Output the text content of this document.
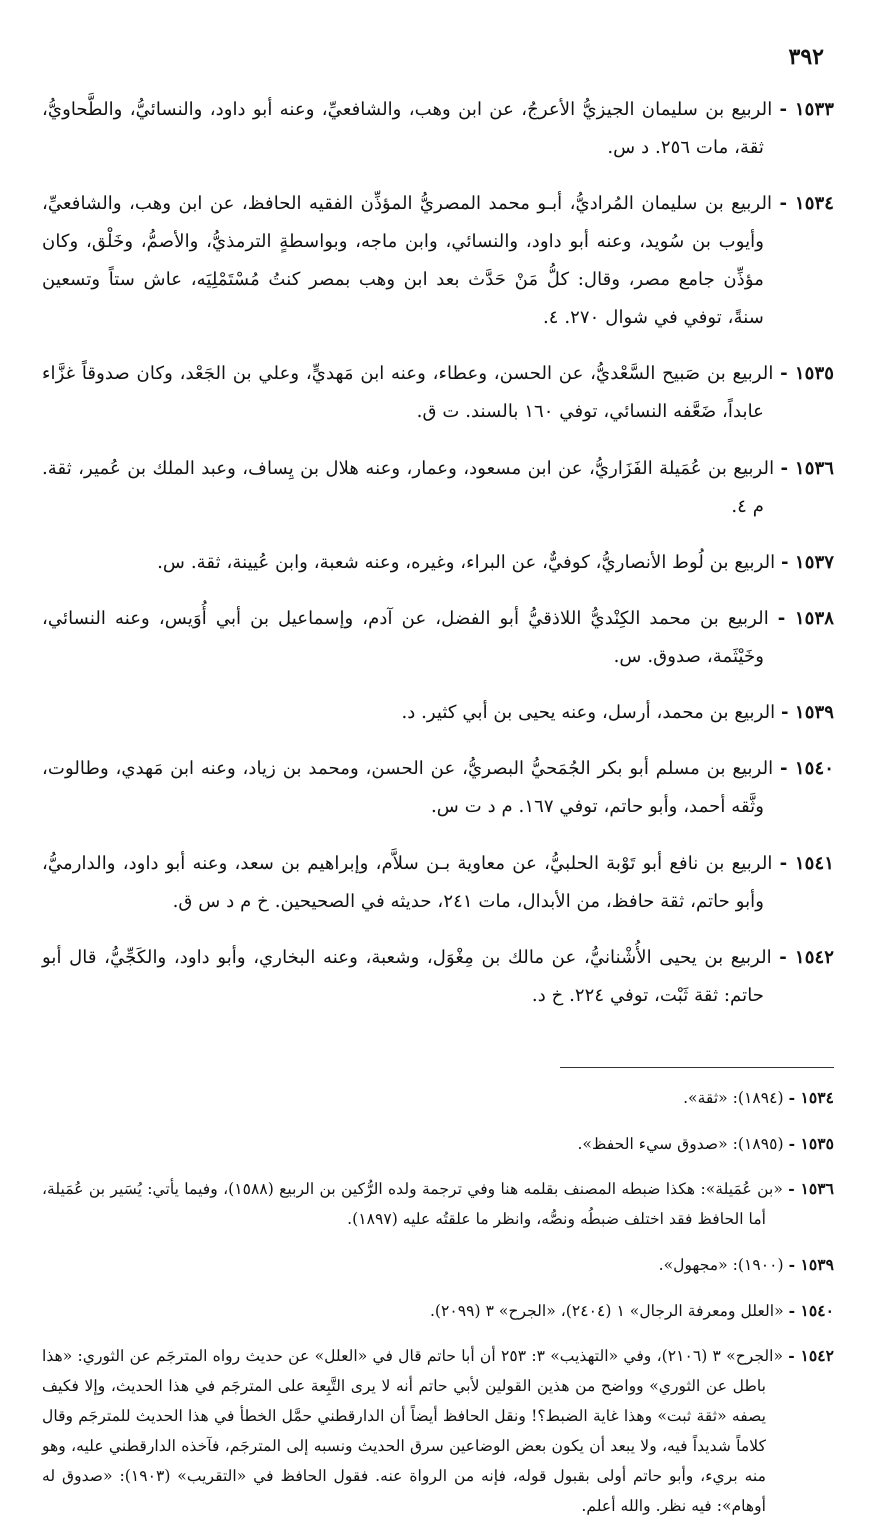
٣٩٢

١٥٣٣ - الربيع بن سليمان الجيزيُّ الأعرجُ، عن ابن وهب، والشافعيِّ، وعنه أبو داود، والنسائيُّ، والطَّحاويُّ، ثقة، مات ٢٥٦. د س.

١٥٣٤ - الربيع بن سليمان المُراديُّ، أبـو محمد المصريُّ المؤذِّن الفقيه الحافظ، عن ابن وهب، والشافعيِّ، وأيوب بن سُويد، وعنه أبو داود، والنسائي، وابن ماجه، وبواسطةٍ الترمذيُّ، والأصمُّ، وخَلْق، وكان مؤذِّن جامع مصر، وقال: كلُّ مَنْ حَدَّث بعد ابن وهب بمصر كنتُ مُسْتَمْلِيَه، عاش ستاً وتسعين سنةً، توفي في شوال ٢٧٠. ٤.

١٥٣٥ - الربيع بن صَبيح السَّعْديُّ، عن الحسن، وعطاء، وعنه ابن مَهديٍّ، وعلي بن الجَعْد، وكان صدوقاً غزَّاء عابداً، ضَعَّفه النسائي، توفي ١٦٠ بالسند. ت ق.

١٥٣٦ - الربيع بن عُمَيلة الفَزَاريُّ، عن ابن مسعود، وعمار، وعنه هلال بن يِساف، وعبد الملك بن عُمير، ثقة. م ٤.

١٥٣٧ - الربيع بن لُوط الأنصاريُّ، كوفيٌّ، عن البراء، وغيره، وعنه شعبة، وابن عُيينة، ثقة. س.

١٥٣٨ - الربيع بن محمد الكِنْديُّ اللاذقيُّ أبو الفضل، عن آدم، وإسماعيل بن أبي أُوَيس، وعنه النسائي، وخَيْثَمة، صدوق. س.

١٥٣٩ - الربيع بن محمد، أرسل، وعنه يحيى بن أبي كثير. د.

١٥٤٠ - الربيع بن مسلم أبو بكر الجُمَحيُّ البصريُّ، عن الحسن، ومحمد بن زياد، وعنه ابن مَهدي، وطالوت، وثَّقه أحمد، وأبو حاتم، توفي ١٦٧. م د ت س.

١٥٤١ - الربيع بن نافع أبو تَوْبة الحلبيُّ، عن معاوية بـن سلاَّم، وإبراهيم بن سعد، وعنه أبو داود، والدارميُّ، وأبو حاتم، ثقة حافظ، من الأبدال، مات ٢٤١، حديثه في الصحيحين. خ م د س ق.

١٥٤٢ - الربيع بن يحيى الأُشْنانيُّ، عن مالك بن مِغْوَل، وشعبة، وعنه البخاري، وأبو داود، والكَجِّيُّ، قال أبو حاتم: ثقة ثَبْت، توفي ٢٢٤. خ د.

١٥٣٤ - (١٨٩٤): «ثقة».

١٥٣٥ - (١٨٩٥): «صدوق سيء الحفظ».

١٥٣٦ - «بن عُمَيلة»: هكذا ضبطه المصنف بقلمه هنا وفي ترجمة ولده الرُّكين بن الربيع (١٥٨٨)، وفيما يأتي: يُسَير بن عُمَيلة، أما الحافظ فقد اختلف ضبطُه ونصُّه، وانظر ما علقتُه عليه (١٨٩٧).

١٥٣٩ - (١٩٠٠): «مجهول».

١٥٤٠ - «العلل ومعرفة الرجال» ١ (٢٤٠٤)، «الجرح» ٣ (٢٠٩٩).

١٥٤٢ - «الجرح» ٣ (٢١٠٦)، وفي «التهذيب» ٣: ٢٥٣ أن أبا حاتم قال في «العلل» عن حديث رواه المترجَم عن الثوري: «هذا باطل عن الثوري» وواضح من هذين القولين لأبي حاتم أنه لا يرى التَّبِعة على المترجَم في هذا الحديث، وإلا فكيف يصفه «ثقة ثبت» وهذا غاية الضبط؟! ونقل الحافظ أيضاً أن الدارقطني حمَّل الخطأ في هذا الحديث للمترجَم وقال كلاماً شديداً فيه، ولا يبعد أن يكون بعض الوضاعين سرق الحديث ونسبه إلى المترجَم، فآخذه الدارقطني عليه، وهو منه بريء، وأبو حاتم أولى بقبول قوله، فإنه من الرواة عنه. فقول الحافظ في «التقريب» (١٩٠٣): «صدوق له أوهام»: فيه نظر. والله أعلم.
